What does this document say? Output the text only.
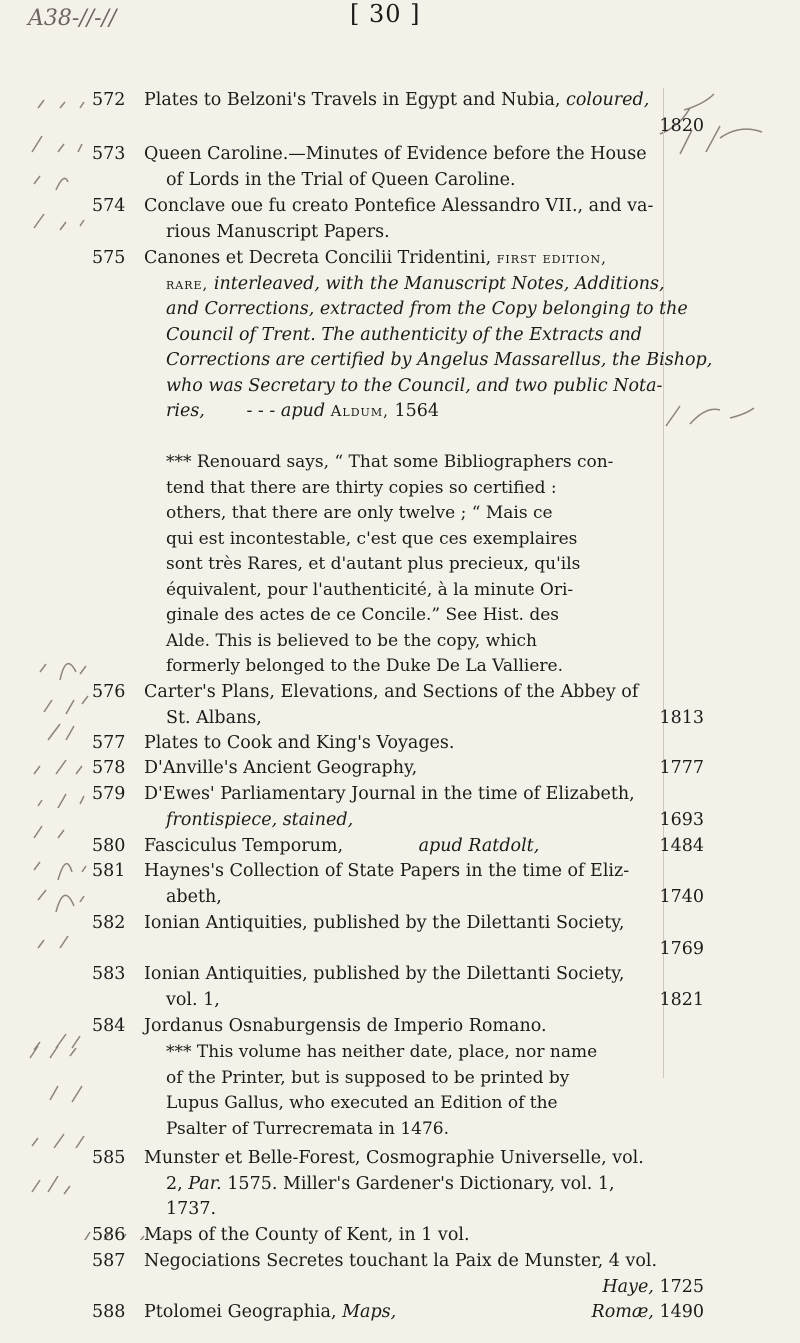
A38-//-//	[ 30 ]
572	Plates to Belzoni's Travels in Egypt and Nubia, coloured,
1820
573	Queen Caroline.—Minutes of Evidence before the House
of Lords in the Trial of Queen Caroline.
574	Conclave oue fu creato Pontefice Alessandro VII., and va-
rious Manuscript Papers.
575	Canones et Decreta Concilii Tridentini, first edition,
rare, interleaved, with the Manuscript Notes, Additions,
and Corrections, extracted from the Copy belonging to the
Council of Trent. The authenticity of the Extracts and
Corrections are certified by Angelus Massarellus, the Bishop,
who was Secretary to the Council, and two public Nota-
ries, - - - apud Aldum, 1564
*** Renouard says, “ That some Bibliographers con-
tend that there are thirty copies so certified :
others, that there are only twelve ; “ Mais ce
qui est incontestable, c'est que ces exemplaires
sont très Rares, et d'autant plus precieux, qu'ils
équivalent, pour l'authenticité, à la minute Ori-
ginale des actes de ce Concile.” See Hist. des
Alde. This is believed to be the copy, which
formerly belonged to the Duke De La Valliere.
576	Carter's Plans, Elevations, and Sections of the Abbey of
St. Albans,	1813
577	Plates to Cook and King's Voyages.
578	D'Anville's Ancient Geography,	1777
579	D'Ewes' Parliamentary Journal in the time of Elizabeth,
frontispiece, stained,	1693
580	Fasciculus Temporum,	apud Ratdolt,	1484
581	Haynes's Collection of State Papers in the time of Eliz-
abeth,	1740
582	Ionian Antiquities, published by the Dilettanti Society,
1769
583	Ionian Antiquities, published by the Dilettanti Society,
vol. 1,	1821
584	Jordanus Osnaburgensis de Imperio Romano.
*** This volume has neither date, place, nor name
of the Printer, but is supposed to be printed by
Lupus Gallus, who executed an Edition of the
Psalter of Turrecremata in 1476.
585	Munster et Belle-Forest, Cosmographie Universelle, vol.
2, Par. 1575. Miller's Gardener's Dictionary, vol. 1,
1737.
586	Maps of the County of Kent, in 1 vol.
587	Negociations Secretes touchant la Paix de Munster, 4 vol.
Haye, 1725
588	Ptolomei Geographia, Maps,	Romæ, 1490
